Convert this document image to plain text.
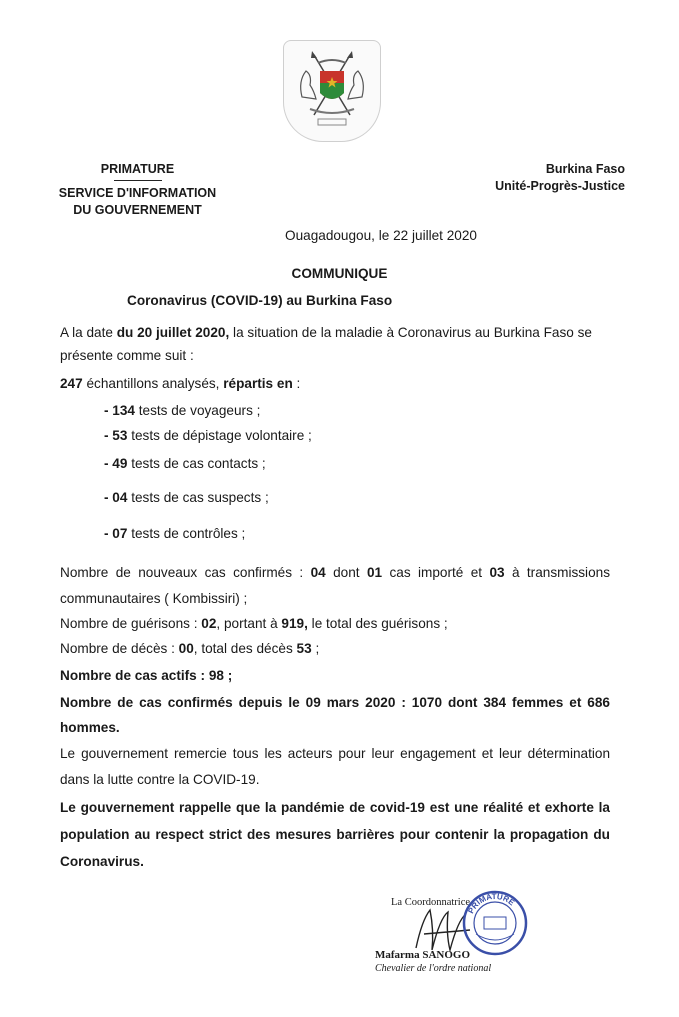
PRIMATURE
SERVICE D'INFORMATION
DU GOUVERNEMENT
Burkina Faso
Unité-Progrès-Justice
Ouagadougou, le 22 juillet 2020
COMMUNIQUE
Coronavirus (COVID-19) au Burkina Faso
A la date du 20 juillet 2020, la situation de la maladie à Coronavirus au Burkina Faso se présente comme suit :
247 échantillons analysés, répartis en :
- 134 tests de voyageurs ;
- 53 tests de dépistage volontaire ;
- 49 tests de cas contacts ;
- 04 tests de cas suspects ;
- 07 tests de contrôles ;
Nombre de nouveaux cas confirmés : 04 dont 01 cas importé et 03 à transmissions communautaires ( Kombissiri) ;
Nombre de guérisons : 02, portant à 919, le total des guérisons ;
Nombre de décès : 00, total des décès 53 ;
Nombre de cas actifs : 98 ;
Nombre de cas confirmés depuis le 09 mars 2020 : 1070 dont 384 femmes et 686 hommes.
Le gouvernement remercie tous les acteurs pour leur engagement et leur détermination dans la lutte contre la COVID-19.
Le gouvernement rappelle que la pandémie de covid-19 est une réalité et exhorte la population au respect strict des mesures barrières pour contenir la propagation du Coronavirus.
La Coordonnatrice
PRIMATURE
Mafarma SANOGO
Chevalier de l'ordre national
